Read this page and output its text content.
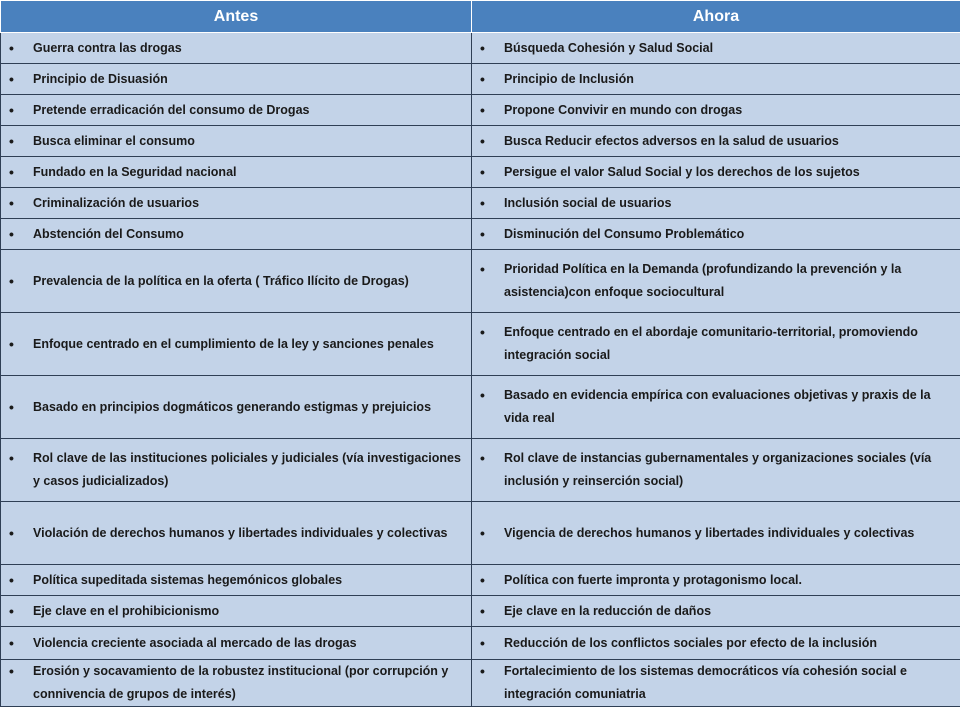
Antes	Ahora

• Guerra contra las drogas	• Búsqueda Cohesión y Salud Social

• Principio de Disuasión	• Principio de Inclusión

• Pretende erradicación del consumo de Drogas	• Propone Convivir en mundo con drogas

• Busca eliminar el consumo	• Busca Reducir efectos adversos en la salud de usuarios

• Fundado en la Seguridad nacional	• Persigue el valor Salud Social y los derechos de los sujetos

• Criminalización de usuarios	• Inclusión social de usuarios

• Abstención del Consumo	• Disminución del Consumo Problemático

• Prevalencia de la política en la oferta ( Tráfico Ilícito de Drogas)	• Prioridad Política en la Demanda (profundizando la prevención y la asistencia)con enfoque sociocultural

• Enfoque centrado en el cumplimiento de la ley y sanciones penales	• Enfoque centrado en el abordaje comunitario-territorial, promoviendo integración social

• Basado en principios dogmáticos generando estigmas y prejuicios	• Basado en evidencia empírica con evaluaciones objetivas y praxis de la vida real

• Rol clave de las instituciones policiales y judiciales (vía investigaciones y casos judicializados)	• Rol clave de instancias gubernamentales y organizaciones sociales (vía inclusión y reinserción social)

• Violación de derechos humanos y libertades individuales y colectivas	• Vigencia de derechos humanos y libertades individuales y colectivas

• Política supeditada sistemas hegemónicos globales	• Política con fuerte impronta y protagonismo local.

• Eje clave en el prohibicionismo	• Eje clave en la reducción de daños

• Violencia creciente asociada al mercado de las drogas	• Reducción de los conflictos sociales por efecto de la inclusión

• Erosión y socavamiento de la robustez institucional (por corrupción y connivencia de grupos de interés)	• Fortalecimiento de los sistemas democráticos vía cohesión social e integración comuniatria
